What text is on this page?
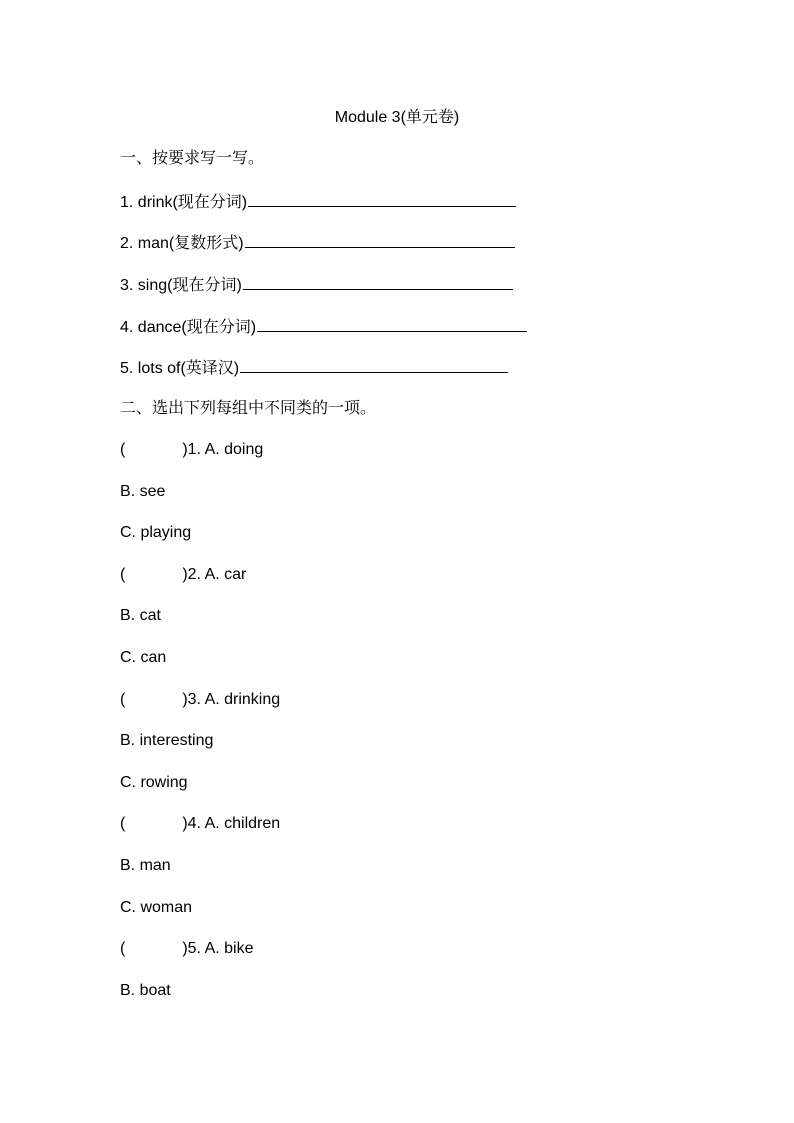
Module 3(单元卷)
一、按要求写一写。
1. drink(现在分词)
2. man(复数形式)
3. sing(现在分词)
4. dance(现在分词)
5. lots of(英译汉)
二、选出下列每组中不同类的一项。
(	)1. A. doing
B. see
C. playing
(	)2. A. car
B. cat
C. can
(	)3. A. drinking
B. interesting
C. rowing
(	)4. A. children
B. man
C. woman
(	)5. A. bike
B. boat
